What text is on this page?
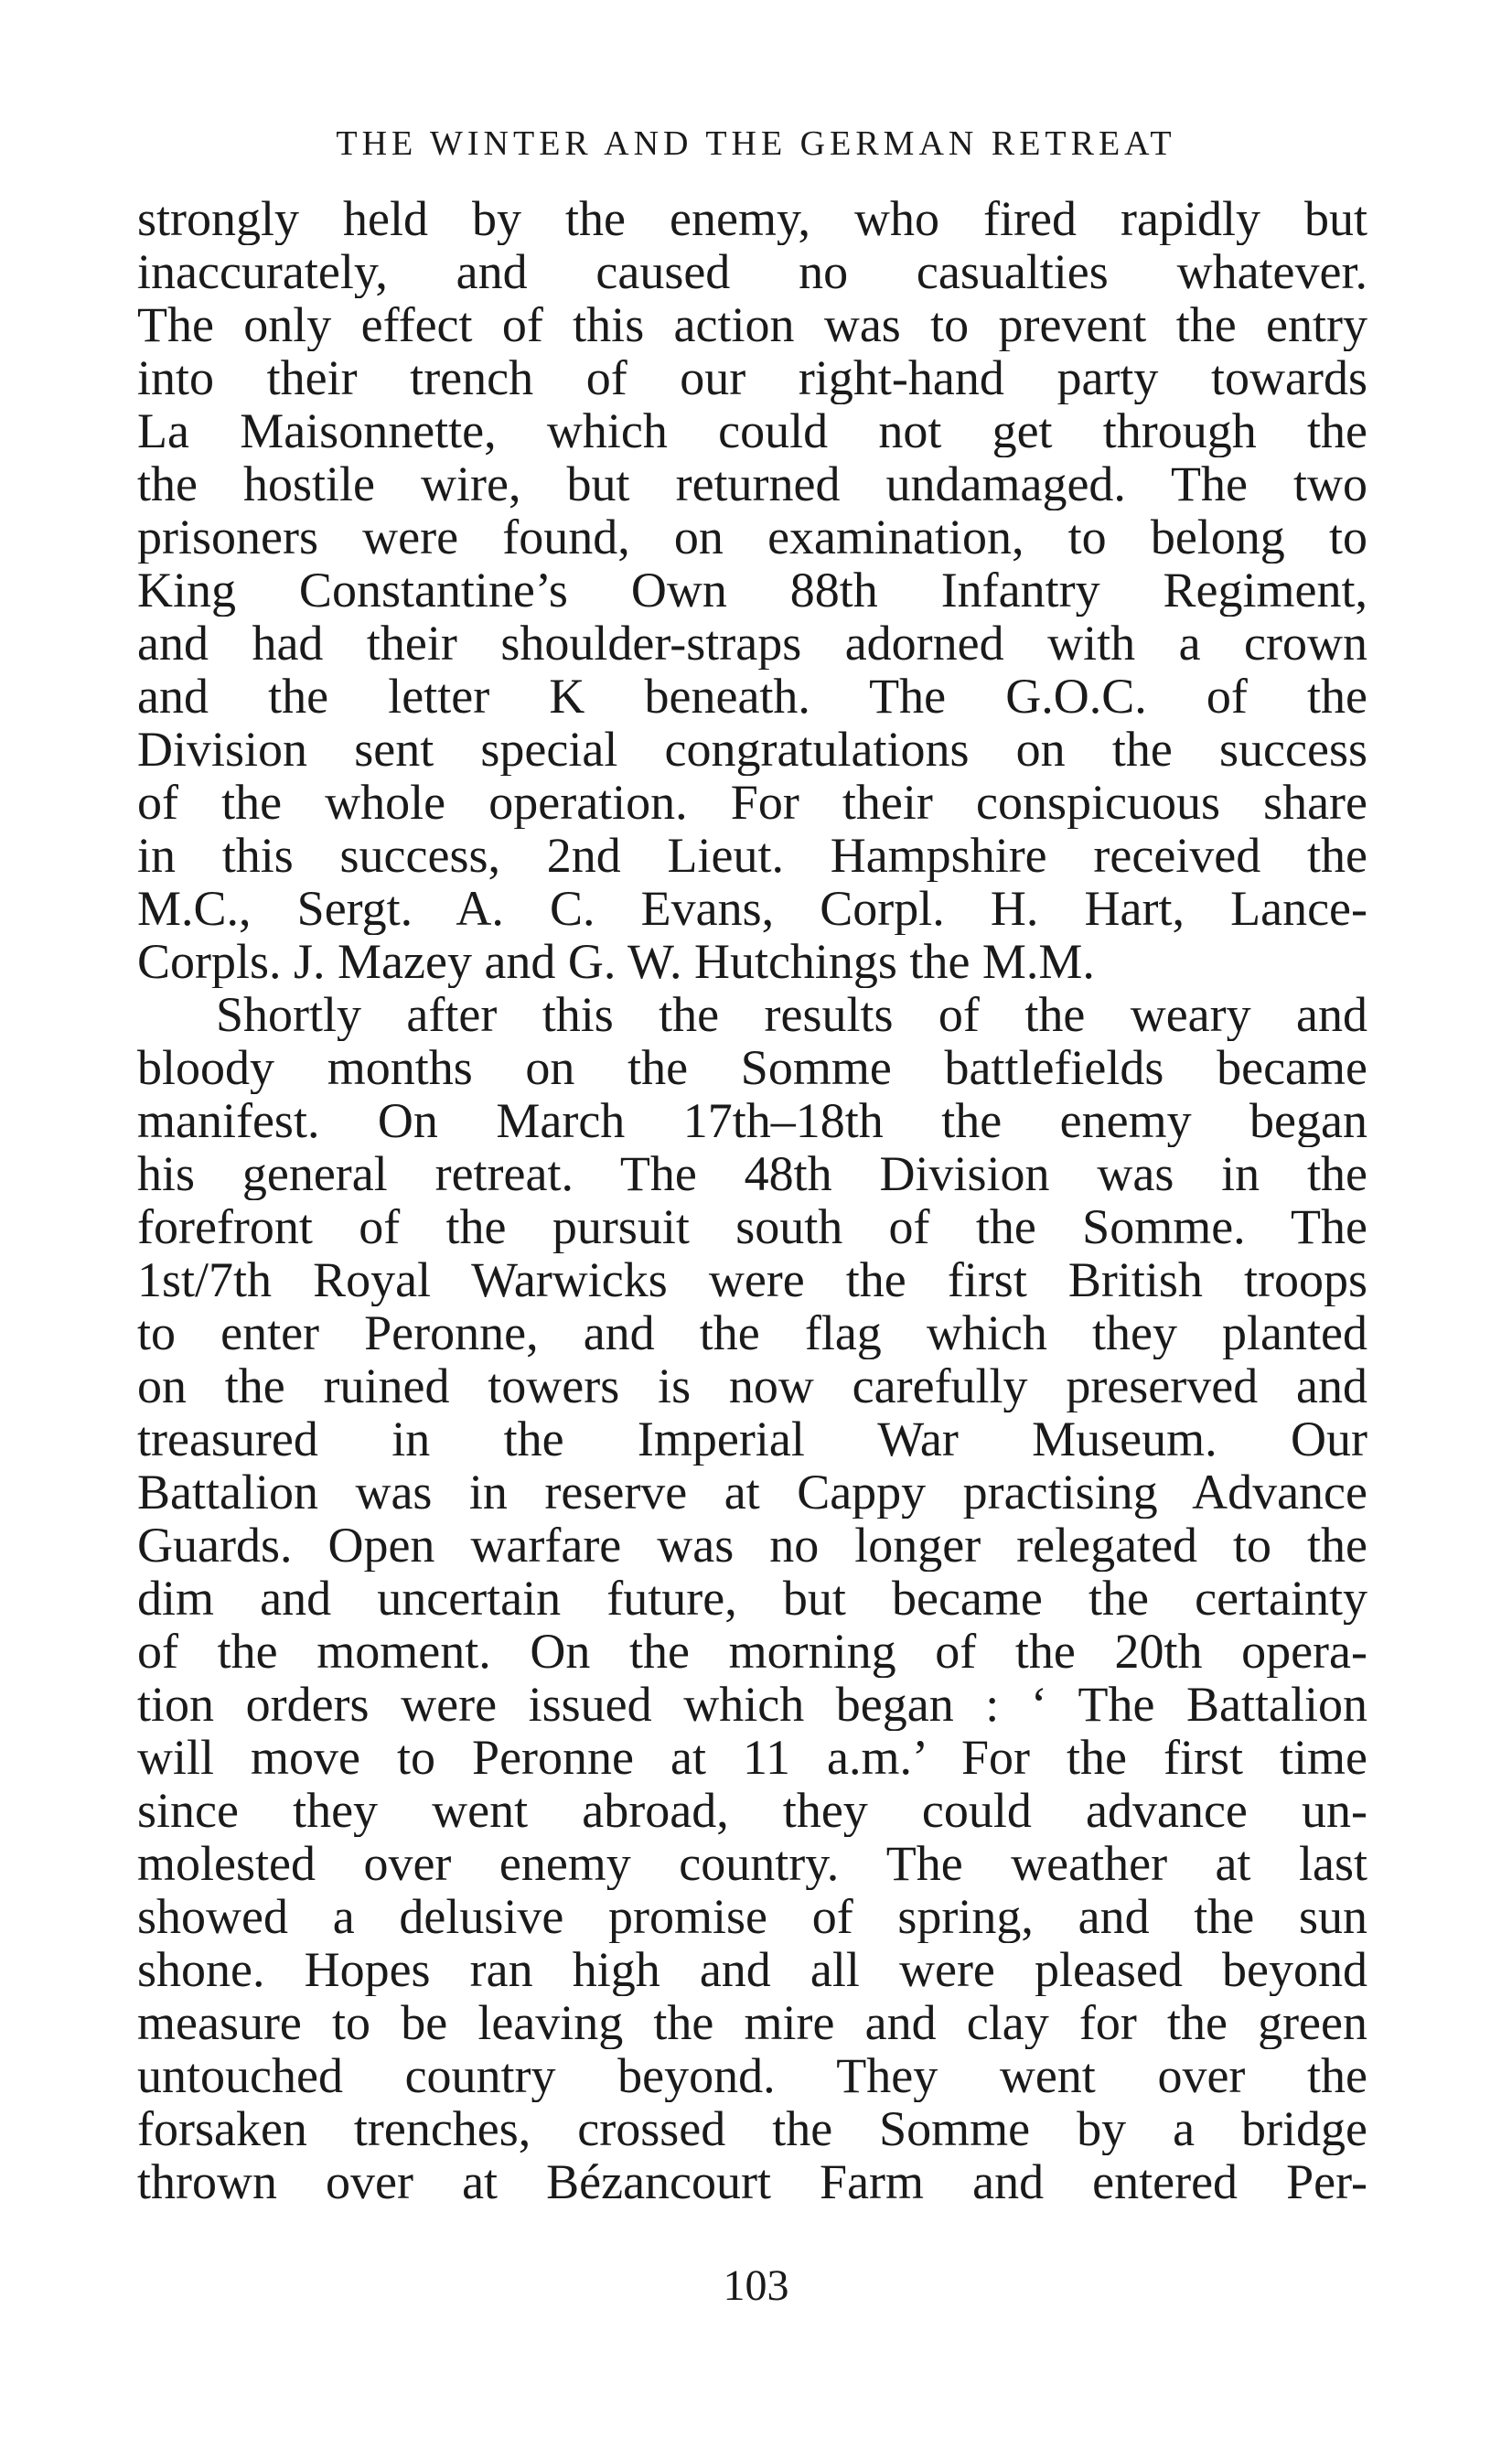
THE WINTER AND THE GERMAN RETREAT
strongly held by the enemy, who fired rapidly but
inaccurately, and caused no casualties whatever.
The only effect of this action was to prevent the entry
into their trench of our right-hand party towards
La Maisonnette, which could not get through the
the hostile wire, but returned undamaged. The two
prisoners were found, on examination, to belong to
King Constantine’s Own 88th Infantry Regiment,
and had their shoulder-straps adorned with a crown
and the letter K beneath. The G.O.C. of the
Division sent special congratulations on the success
of the whole operation. For their conspicuous share
in this success, 2nd Lieut. Hampshire received the
M.C., Sergt. A. C. Evans, Corpl. H. Hart, Lance-
Corpls. J. Mazey and G. W. Hutchings the M.M.
Shortly after this the results of the weary and
bloody months on the Somme battlefields became
manifest. On March 17th–18th the enemy began
his general retreat. The 48th Division was in the
forefront of the pursuit south of the Somme. The
1st/7th Royal Warwicks were the first British troops
to enter Peronne, and the flag which they planted
on the ruined towers is now carefully preserved and
treasured in the Imperial War Museum. Our
Battalion was in reserve at Cappy practising Advance
Guards. Open warfare was no longer relegated to the
dim and uncertain future, but became the certainty
of the moment. On the morning of the 20th opera-
tion orders were issued which began : ‘ The Battalion
will move to Peronne at 11 a.m.’ For the first time
since they went abroad, they could advance un-
molested over enemy country. The weather at last
showed a delusive promise of spring, and the sun
shone. Hopes ran high and all were pleased beyond
measure to be leaving the mire and clay for the green
untouched country beyond. They went over the
forsaken trenches, crossed the Somme by a bridge
thrown over at Bézancourt Farm and entered Per-
103
